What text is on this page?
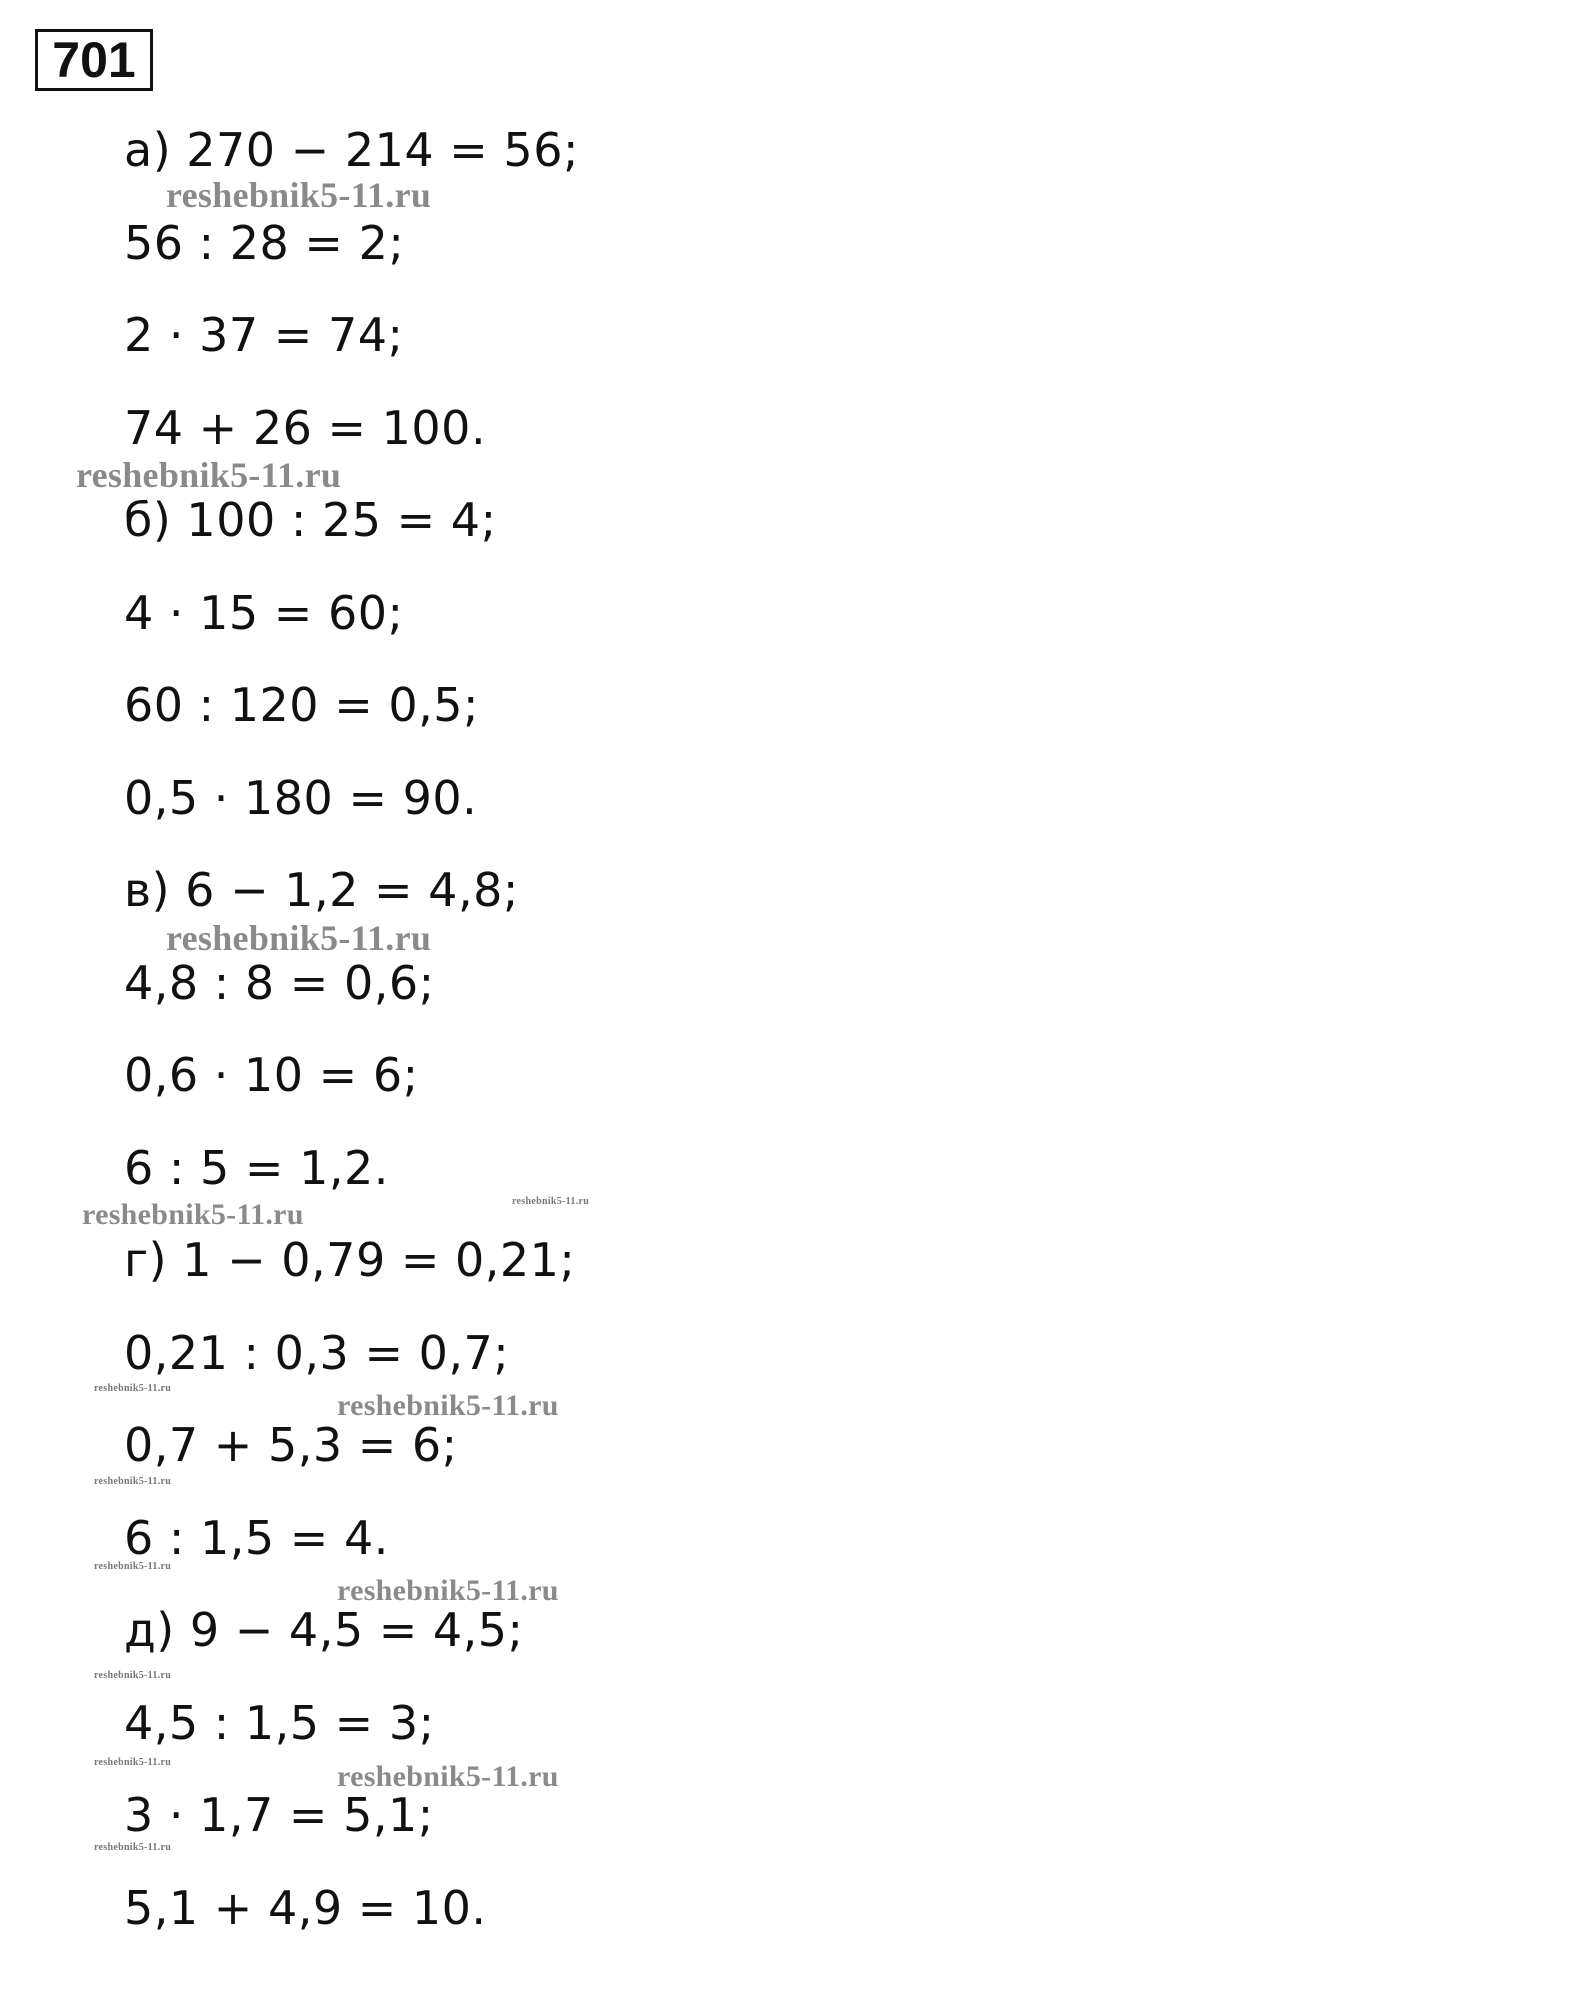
701
а) 270 − 214 = 56;
56 : 28 = 2;
2 · 37 = 74;
74 + 26 = 100.
б) 100 : 25 = 4;
4 · 15 = 60;
60 : 120 = 0,5;
0,5 · 180 = 90.
в) 6 − 1,2 = 4,8;
4,8 : 8 = 0,6;
0,6 · 10 = 6;
6 : 5 = 1,2.
г) 1 − 0,79 = 0,21;
0,21 : 0,3 = 0,7;
0,7 + 5,3 = 6;
6 : 1,5 = 4.
д) 9 − 4,5 = 4,5;
4,5 : 1,5 = 3;
3 · 1,7 = 5,1;
5,1 + 4,9 = 10.
reshebnik5-11.ru
reshebnik5-11.ru
reshebnik5-11.ru
reshebnik5-11.ru	reshebnik5-11.ru
reshebnik5-11.ru
reshebnik5-11.ru
reshebnik5-11.ru
reshebnik5-11.ru
reshebnik5-11.ru
reshebnik5-11.ru
reshebnik5-11.ru	reshebnik5-11.ru
reshebnik5-11.ru
